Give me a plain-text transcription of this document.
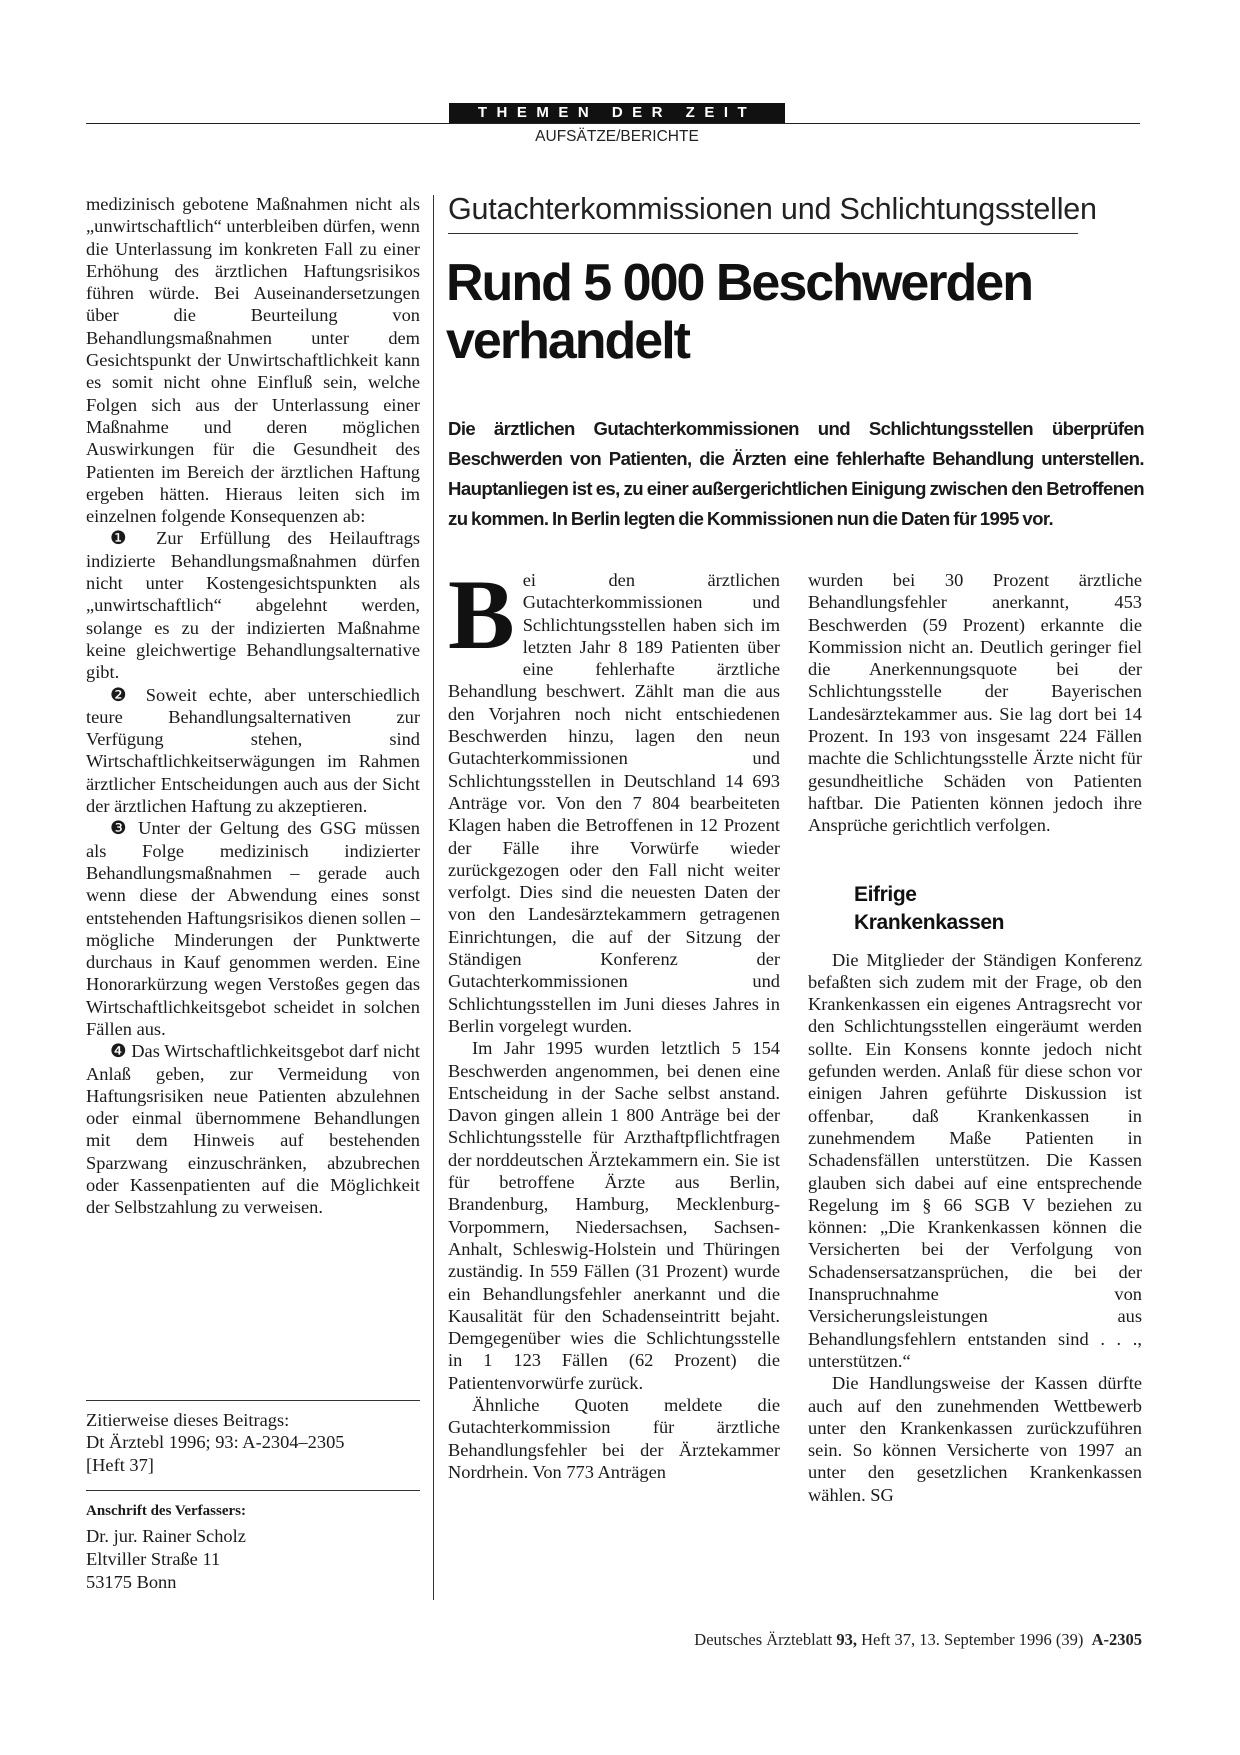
THEMEN DER ZEIT
AUFSÄTZE/BERICHTE

medizinisch gebotene Maßnahmen nicht als „unwirtschaftlich“ unterbleiben dürfen, wenn die Unterlassung im konkreten Fall zu einer Erhöhung des ärztlichen Haftungsrisikos führen würde. Bei Auseinandersetzungen über die Beurteilung von Behandlungsmaßnahmen unter dem Gesichtspunkt der Unwirtschaftlichkeit kann es somit nicht ohne Einfluß sein, welche Folgen sich aus der Unterlassung einer Maßnahme und deren möglichen Auswirkungen für die Gesundheit des Patienten im Bereich der ärztlichen Haftung ergeben hätten. Hieraus leiten sich im einzelnen folgende Konsequenzen ab:

❶ Zur Erfüllung des Heilauftrags indizierte Behandlungsmaßnahmen dürfen nicht unter Kostengesichtspunkten als „unwirtschaftlich“ abgelehnt werden, solange es zu der indizierten Maßnahme keine gleichwertige Behandlungsalternative gibt.

❷ Soweit echte, aber unterschiedlich teure Behandlungsalternativen zur Verfügung stehen, sind Wirtschaftlichkeitserwägungen im Rahmen ärztlicher Entscheidungen auch aus der Sicht der ärztlichen Haftung zu akzeptieren.

❸ Unter der Geltung des GSG müssen als Folge medizinisch indizierter Behandlungsmaßnahmen – gerade auch wenn diese der Abwendung eines sonst entstehenden Haftungsrisikos dienen sollen – mögliche Minderungen der Punktwerte durchaus in Kauf genommen werden. Eine Honorarkürzung wegen Verstoßes gegen das Wirtschaftlichkeitsgebot scheidet in solchen Fällen aus.

❹ Das Wirtschaftlichkeitsgebot darf nicht Anlaß geben, zur Vermeidung von Haftungsrisiken neue Patienten abzulehnen oder einmal übernommene Behandlungen mit dem Hinweis auf bestehenden Sparzwang einzuschränken, abzubrechen oder Kassenpatienten auf die Möglichkeit der Selbstzahlung zu verweisen.

Zitierweise dieses Beitrags:
Dt Ärztebl 1996; 93: A-2304–2305
[Heft 37]
Anschrift des Verfassers:
Dr. jur. Rainer Scholz
Eltviller Straße 11
53175 Bonn
Gutachterkommissionen und Schlichtungsstellen
Rund 5 000 Beschwerden verhandelt

Die ärztlichen Gutachterkommissionen und Schlichtungsstellen überprüfen Beschwerden von Patienten, die Ärzten eine fehlerhafte Behandlung unterstellen. Hauptanliegen ist es, zu einer außergerichtlichen Einigung zwischen den Betroffenen zu kommen. In Berlin legten die Kommissionen nun die Daten für 1995 vor.

Bei den ärztlichen Gutachterkommissionen und Schlichtungsstellen haben sich im letzten Jahr 8 189 Patienten über eine fehlerhafte ärztliche Behandlung beschwert. Zählt man die aus den Vorjahren noch nicht entschiedenen Beschwerden hinzu, lagen den neun Gutachterkommissionen und Schlichtungsstellen in Deutschland 14 693 Anträge vor. Von den 7 804 bearbeiteten Klagen haben die Betroffenen in 12 Prozent der Fälle ihre Vorwürfe wieder zurückgezogen oder den Fall nicht weiter verfolgt. Dies sind die neuesten Daten der von den Landesärztekammern getragenen Einrichtungen, die auf der Sitzung der Ständigen Konferenz der Gutachterkommissionen und Schlichtungsstellen im Juni dieses Jahres in Berlin vorgelegt wurden.

Im Jahr 1995 wurden letztlich 5 154 Beschwerden angenommen, bei denen eine Entscheidung in der Sache selbst anstand. Davon gingen allein 1 800 Anträge bei der Schlichtungsstelle für Arzthaftpflichtfragen der norddeutschen Ärztekammern ein. Sie ist für betroffene Ärzte aus Berlin, Brandenburg, Hamburg, Mecklenburg-Vorpommern, Niedersachsen, Sachsen-Anhalt, Schleswig-Holstein und Thüringen zuständig. In 559 Fällen (31 Prozent) wurde ein Behandlungsfehler anerkannt und die Kausalität für den Schadenseintritt bejaht. Demgegenüber wies die Schlichtungsstelle in 1 123 Fällen (62 Prozent) die Patientenvorwürfe zurück.

Ähnliche Quoten meldete die Gutachterkommission für ärztliche Behandlungsfehler bei der Ärztekammer Nordrhein. Von 773 Anträgen

wurden bei 30 Prozent ärztliche Behandlungsfehler anerkannt, 453 Beschwerden (59 Prozent) erkannte die Kommission nicht an. Deutlich geringer fiel die Anerkennungsquote bei der Schlichtungsstelle der Bayerischen Landesärztekammer aus. Sie lag dort bei 14 Prozent. In 193 von insgesamt 224 Fällen machte die Schlichtungsstelle Ärzte nicht für gesundheitliche Schäden von Patienten haftbar. Die Patienten können jedoch ihre Ansprüche gerichtlich verfolgen.

Eifrige
Krankenkassen

Die Mitglieder der Ständigen Konferenz befaßten sich zudem mit der Frage, ob den Krankenkassen ein eigenes Antragsrecht vor den Schlichtungsstellen eingeräumt werden sollte. Ein Konsens konnte jedoch nicht gefunden werden. Anlaß für diese schon vor einigen Jahren geführte Diskussion ist offenbar, daß Krankenkassen in zunehmendem Maße Patienten in Schadensfällen unterstützen. Die Kassen glauben sich dabei auf eine entsprechende Regelung im § 66 SGB V beziehen zu können: „Die Krankenkassen können die Versicherten bei der Verfolgung von Schadensersatzansprüchen, die bei der Inanspruchnahme von Versicherungsleistungen aus Behandlungsfehlern entstanden sind . . ., unterstützen.“

Die Handlungsweise der Kassen dürfte auch auf den zunehmenden Wettbewerb unter den Krankenkassen zurückzuführen sein. So können Versicherte von 1997 an unter den gesetzlichen Krankenkassen wählen. SG

Deutsches Ärzteblatt 93, Heft 37, 13. September 1996 (39) A-2305
